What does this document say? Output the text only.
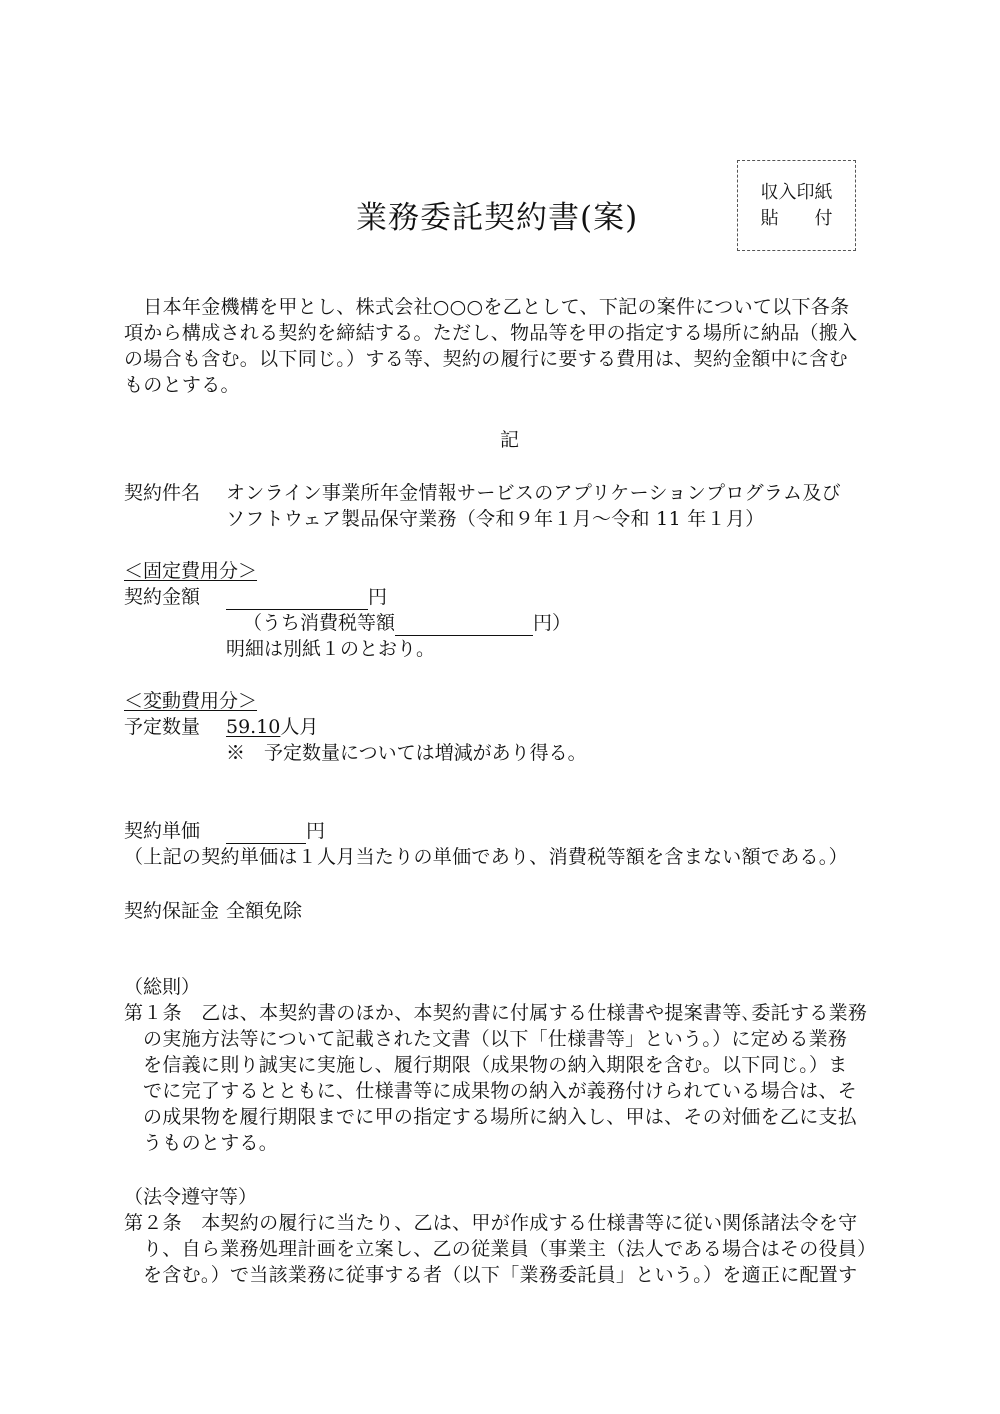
業務委託契約書(案)
収入印紙
貼　　付
　日本年金機構を甲とし、株式会社○○○を乙として、下記の案件について以下各条
項から構成される契約を締結する。ただし、物品等を甲の指定する場所に納品（搬入
の場合も含む。以下同じ。）する等、契約の履行に要する費用は、契約金額中に含む
ものとする。
記
契約件名 オンライン事業所年金情報サービスのアプリケーションプログラム及び
ソフトウェア製品保守業務（令和９年１月～令和 11 年１月）
＜固定費用分＞
契約金額	円
（うち消費税等額	円）
明細は別紙１のとおり。
＜変動費用分＞
予定数量 59.10人月
※　予定数量については増減があり得る。
契約単価	円
（上記の契約単価は１人月当たりの単価であり、消費税等額を含まない額である。）
契約保証金 全額免除
（総則）
第１条　乙は、本契約書のほか、本契約書に付属する仕様書や提案書等､委託する業務
の実施方法等について記載された文書（以下「仕様書等」という。）に定める業務
を信義に則り誠実に実施し、履行期限（成果物の納入期限を含む。以下同じ。）ま
でに完了するとともに、仕様書等に成果物の納入が義務付けられている場合は、そ
の成果物を履行期限までに甲の指定する場所に納入し、甲は、その対価を乙に支払
うものとする。
（法令遵守等）
第２条　本契約の履行に当たり、乙は、甲が作成する仕様書等に従い関係諸法令を守
り、自ら業務処理計画を立案し、乙の従業員（事業主（法人である場合はその役員）
を含む。）で当該業務に従事する者（以下「業務委託員」という。）を適正に配置す
